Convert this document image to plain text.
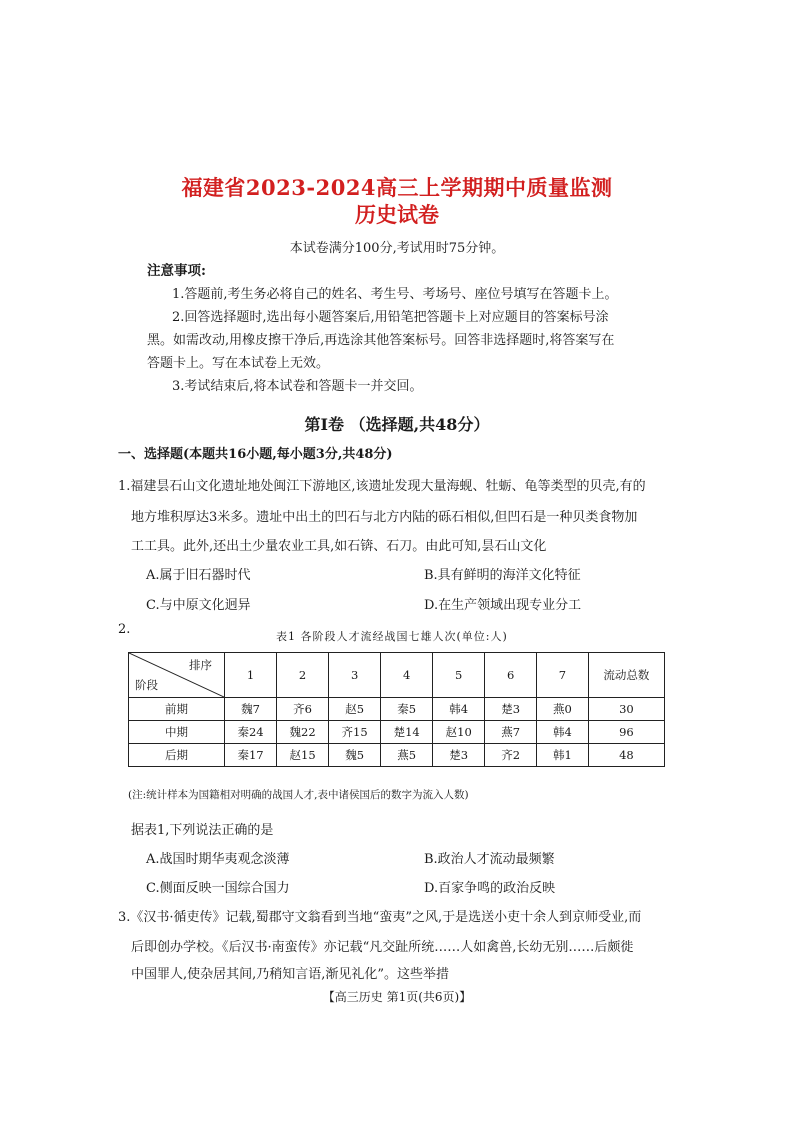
福建省2023-2024高三上学期期中质量监测
历史试卷
本试卷满分100分,考试用时75分钟。
注意事项:
1.答题前,考生务必将自己的姓名、考生号、考场号、座位号填写在答题卡上。
2.回答选择题时,选出每小题答案后,用铅笔把答题卡上对应题目的答案标号涂
黑。如需改动,用橡皮擦干净后,再选涂其他答案标号。回答非选择题时,将答案写在
答题卡上。写在本试卷上无效。
3.考试结束后,将本试卷和答题卡一并交回。
第Ⅰ卷 （选择题,共48分）
一、选择题(本题共16小题,每小题3分,共48分)
1.福建昙石山文化遗址地处闽江下游地区,该遗址发现大量海蚬、牡蛎、龟等类型的贝壳,有的
地方堆积厚达3米多。遗址中出土的凹石与北方内陆的砾石相似,但凹石是一种贝类食物加
工工具。此外,还出土少量农业工具,如石锛、石刀。由此可知,昙石山文化
A.属于旧石器时代	B.具有鲜明的海洋文化特征
C.与中原文化迥异	D.在生产领域出现专业分工
2.	表1 各阶段人才流经战国七雄人次(单位:人)
排序
阶段	1	2	3	4	5	6	7	流动总数
前期	魏7	齐6	赵5	秦5	韩4	楚3	燕0	30
中期	秦24	魏22	齐15	楚14	赵10	燕7	韩4	96
后期	秦17	赵15	魏5	燕5	楚3	齐2	韩1	48
(注:统计样本为国籍相对明确的战国人才,表中诸侯国后的数字为流入人数)
据表1,下列说法正确的是
A.战国时期华夷观念淡薄	B.政治人才流动最频繁
C.侧面反映一国综合国力	D.百家争鸣的政治反映
3.《汉书·循吏传》记载,蜀郡守文翁看到当地“蛮夷”之风,于是选送小吏十余人到京师受业,而
后即创办学校。《后汉书·南蛮传》亦记载“凡交趾所统……人如禽兽,长幼无别……后颇徙
中国罪人,使杂居其间,乃稍知言语,渐见礼化”。这些举措
【高三历史 第1页(共6页)】
